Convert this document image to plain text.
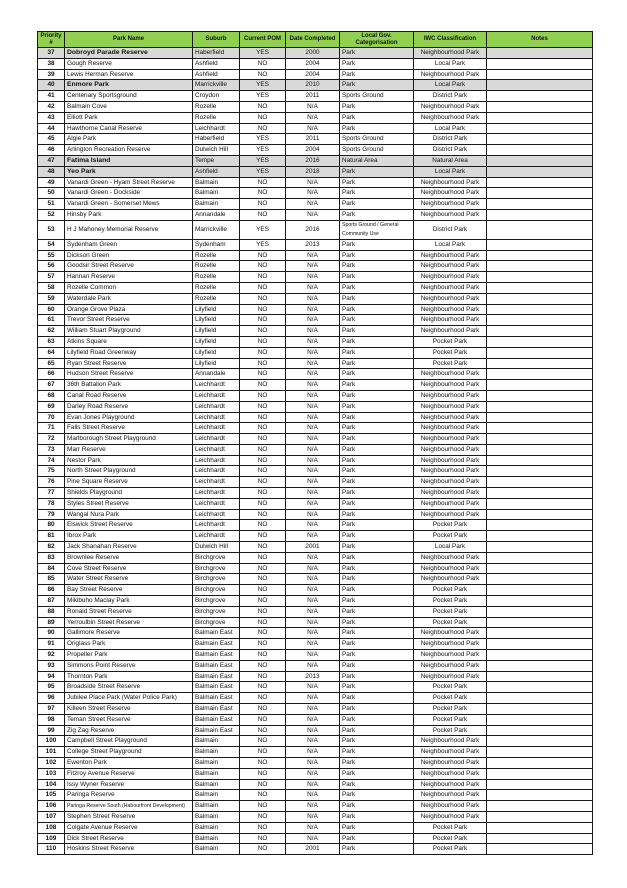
Priority #	Park Name	Suburb	Current POM	Date Completed	Local Gov. Categorisation	IWC Classification	Notes
37	Dobroyd Parade Reserve	Haberfield	YES	2000	Park	Neighbourhood Park	
38	Gough Reserve	Ashfield	NO	2004	Park	Local Park	
39	Lewis Herman Reserve	Ashfield	NO	2004	Park	Neighbourhood Park	
40	Enmore Park	Marrickville	YES	2010	Park	Local Park	
41	Centenary Sportsground	Croydon	YES	2011	Sports Ground	District Park	
42	Balmain Cove	Rozelle	NO	N/A	Park	Neighbourhood Park	
43	Elliott Park	Rozelle	NO	N/A	Park	Neighbourhood Park	
44	Hawthorne Canal Reserve	Leichhardt	NO	N/A	Park	Local Park	
45	Algie Park	Haberfield	YES	2011	Sports Ground	District Park	
46	Arlington Recreation Reserve	Dulwich Hill	YES	2004	Sports Ground	District Park	
47	Fatima Island	Tempe	YES	2016	Natural Area	Natural Area	
48	Yeo Park	Ashfield	YES	2018	Park	Local Park	
49	Vanardi Green - Hyam Street Reserve	Balmain	NO	N/A	Park	Neighbourhood Park	
50	Vanardi Green - Dockside	Balmain	NO	N/A	Park	Neighbourhood Park	
51	Vanardi Green - Somerset Mews	Balmain	NO	N/A	Park	Neighbourhood Park	
52	Hinsby Park	Annandale	NO	N/A	Park	Neighbourhood Park	
53	H J Mahoney Memorial Reserve	Marrickville	YES	2016	Sports Ground / General Community Use	District Park	
54	Sydenham Green	Sydenham	YES	2013	Park	Local Park	
55	Dickson Green	Rozelle	NO	N/A	Park	Neighbourhood Park	
56	Goodsir Street Reserve	Rozelle	NO	N/A	Park	Neighbourhood Park	
57	Hannan Reserve	Rozelle	NO	N/A	Park	Neighbourhood Park	
58	Rozelle Common	Rozelle	NO	N/A	Park	Neighbourhood Park	
59	Waterdale Park	Rozelle	NO	N/A	Park	Neighbourhood Park	
60	Orange Grove Plaza	Lilyfield	NO	N/A	Park	Neighbourhood Park	
61	Trevor Street Reserve	Lilyfield	NO	N/A	Park	Neighbourhood Park	
62	William Stuart Playground	Lilyfield	NO	N/A	Park	Neighbourhood Park	
63	Atkins Square	Lilyfield	NO	N/A	Park	Pocket Park	
64	Lilyfield Road Greenway	Lilyfield	NO	N/A	Park	Pocket Park	
65	Ryan Street Reserve	Lilyfield	NO	N/A	Park	Pocket Park	
66	Hudson Street Reserve	Annandale	NO	N/A	Park	Neighbourhood Park	
67	36th Battalion Park	Leichhardt	NO	N/A	Park	Neighbourhood Park	
68	Canal Road Reserve	Leichhardt	NO	N/A	Park	Neighbourhood Park	
69	Darley Road Reserve	Leichhardt	NO	N/A	Park	Neighbourhood Park	
70	Evan Jones Playground	Leichhardt	NO	N/A	Park	Neighbourhood Park	
71	Falls Street Reserve	Leichhardt	NO	N/A	Park	Neighbourhood Park	
72	Marlborough Street Playground	Leichhardt	NO	N/A	Park	Neighbourhood Park	
73	Marr Reserve	Leichhardt	NO	N/A	Park	Neighbourhood Park	
74	Nestor Park	Leichhardt	NO	N/A	Park	Neighbourhood Park	
75	North Street Playground	Leichhardt	NO	N/A	Park	Neighbourhood Park	
76	Pine Square Reserve	Leichhardt	NO	N/A	Park	Neighbourhood Park	
77	Shields Playground	Leichhardt	NO	N/A	Park	Neighbourhood Park	
78	Styles Street Reserve	Leichhardt	NO	N/A	Park	Neighbourhood Park	
79	Wangal Nura Park	Leichhardt	NO	N/A	Park	Neighbourhood Park	
80	Elswick Street Reserve	Leichhardt	NO	N/A	Park	Pocket Park	
81	Ibrox Park	Leichhardt	NO	N/A	Park	Pocket Park	
82	Jack Shanahan Reserve	Dulwich Hill	NO	2001	Park	Local Park	
83	Brownlee Reserve	Birchgrove	NO	N/A	Park	Neighbourhood Park	
84	Cove Street Reserve	Birchgrove	NO	N/A	Park	Neighbourhood Park	
85	Water Street Reserve	Birchgrove	NO	N/A	Park	Neighbourhood Park	
86	Bay Street Reserve	Birchgrove	NO	N/A	Park	Pocket Park	
87	Mikibuho Maclay Park	Birchgrove	NO	N/A	Park	Pocket Park	
88	Ronald Street Reserve	Birchgrove	NO	N/A	Park	Pocket Park	
89	Yerroulbin Street Reserve	Birchgrove	NO	N/A	Park	Pocket Park	
90	Gallimore Reserve	Balmain East	NO	N/A	Park	Neighbourhood Park	
91	Origlass Park	Balmain East	NO	N/A	Park	Neighbourhood Park	
92	Propeller Park	Balmain East	NO	N/A	Park	Neighbourhood Park	
93	Simmons Point Reserve	Balmain East	NO	N/A	Park	Neighbourhood Park	
94	Thornton Park	Balmain East	NO	2013	Park	Neighbourhood Park	
95	Broadside Street Reserve	Balmain East	NO	N/A	Park	Pocket Park	
96	Jubilee Place Park (Water Police Park)	Balmain East	NO	N/A	Park	Pocket Park	
97	Killeen Street Reserve	Balmain East	NO	N/A	Park	Pocket Park	
98	Teman Street Reserve	Balmain East	NO	N/A	Park	Pocket Park	
99	Zig Zag Reserve	Balmain East	NO	N/A	Park	Pocket Park	
100	Campbell Street Playground	Balmain	NO	N/A	Park	Neighbourhood Park	
101	College Street Playground	Balmain	NO	N/A	Park	Neighbourhood Park	
102	Ewenton Park	Balmain	NO	N/A	Park	Neighbourhood Park	
103	Fitzroy Avenue Reserve	Balmain	NO	N/A	Park	Neighbourhood Park	
104	Issy Wyner Reserve	Balmain	NO	N/A	Park	Neighbourhood Park	
105	Paringa Reserve	Balmain	NO	N/A	Park	Neighbourhood Park	
106	Paringa Reserve South (Habourfront Development)	Balmain	NO	N/A	Park	Neighbourhood Park	
107	Stephen Street Reserve	Balmain	NO	N/A	Park	Neighbourhood Park	
108	Colgate Avenue Reserve	Balmain	NO	N/A	Park	Pocket Park	
109	Dick Street Reserve	Balmain	NO	N/A	Park	Pocket Park	
110	Hoskins Street Reserve	Balmain	NO	2001	Park	Pocket Park	
